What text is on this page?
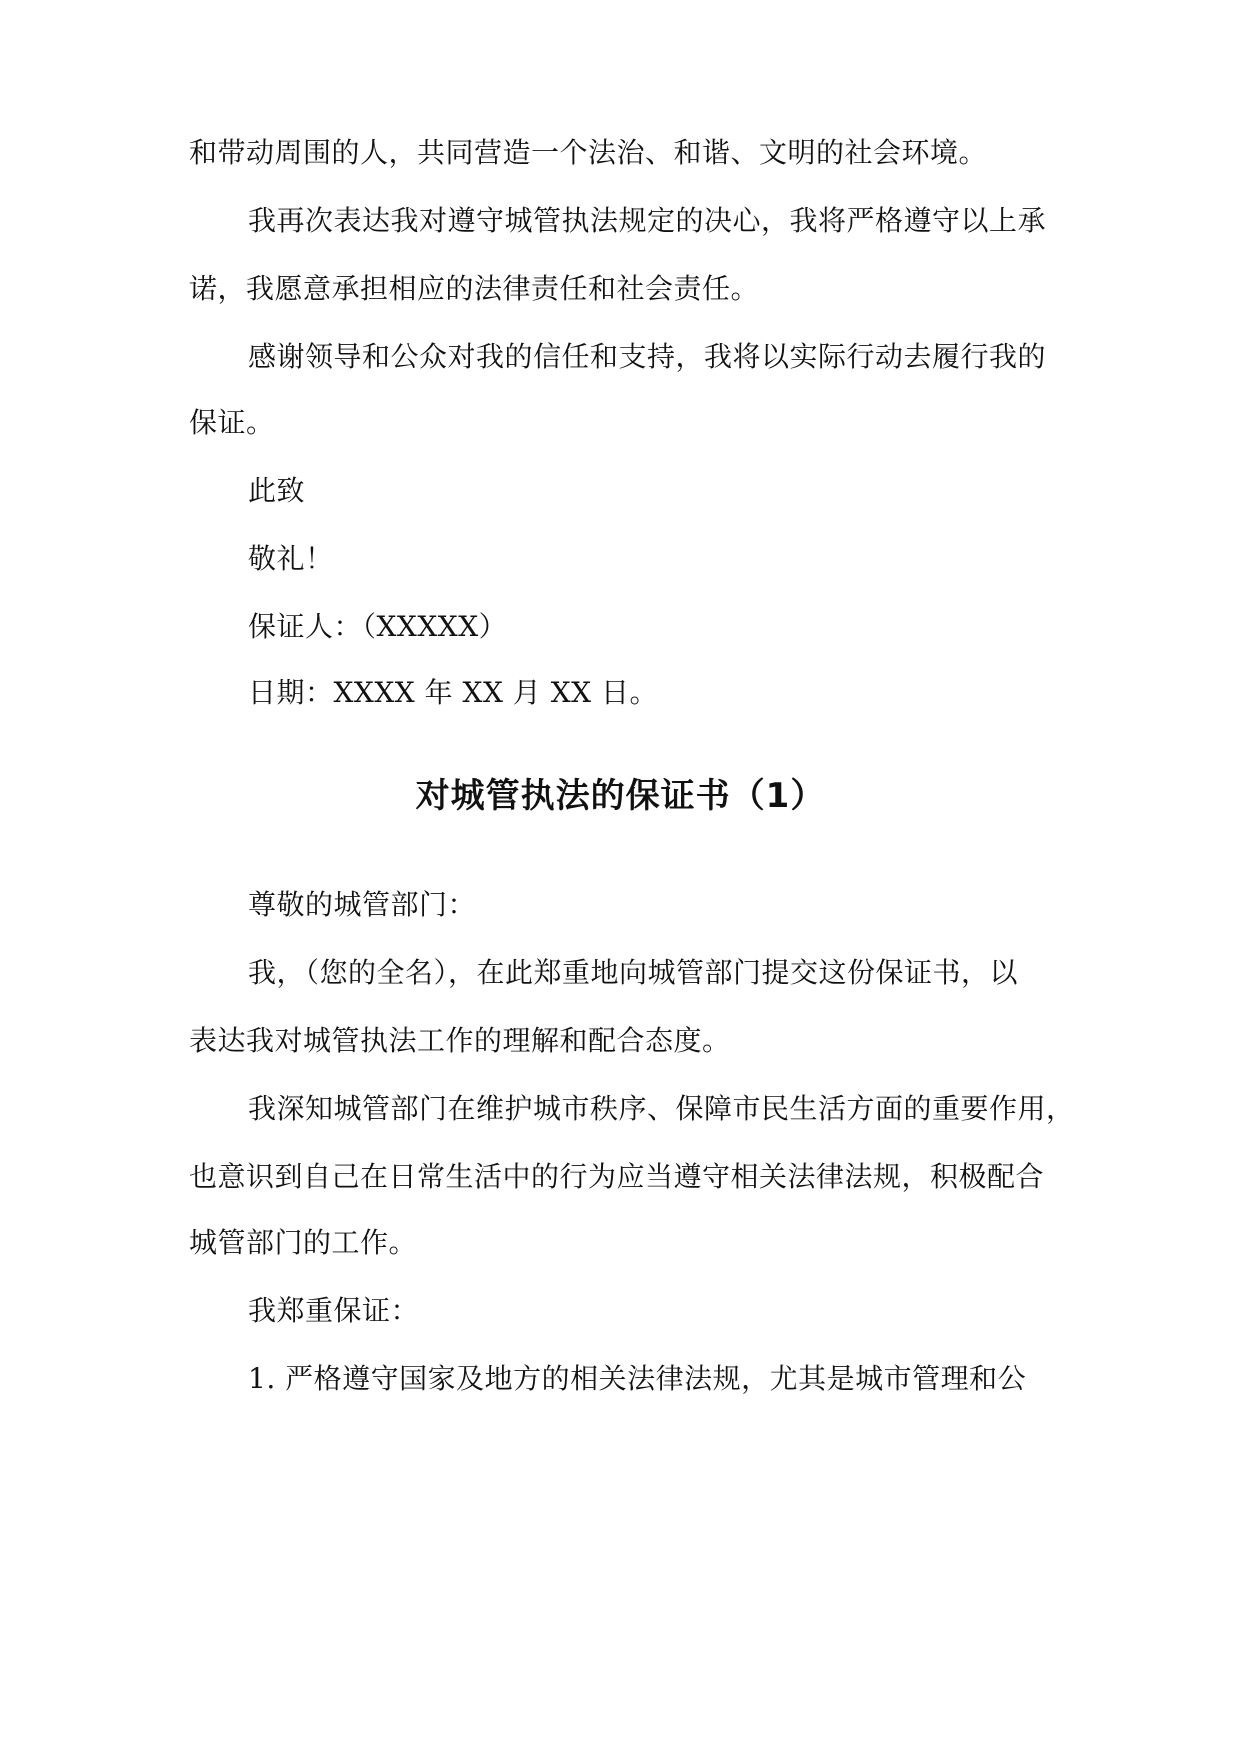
和带动周围的人，共同营造一个法治、和谐、文明的社会环境。
我再次表达我对遵守城管执法规定的决心，我将严格遵守以上承
诺，我愿意承担相应的法律责任和社会责任。
感谢领导和公众对我的信任和支持，我将以实际行动去履行我的
保证。
此致
敬礼！
保证人：（XXXXX）
日期：XXXX 年 XX 月 XX 日。
对城管执法的保证书（1）
尊敬的城管部门：
我，（您的全名），在此郑重地向城管部门提交这份保证书，以
表达我对城管执法工作的理解和配合态度。
我深知城管部门在维护城市秩序、保障市民生活方面的重要作用，
也意识到自己在日常生活中的行为应当遵守相关法律法规，积极配合
城管部门的工作。
我郑重保证：
1. 严格遵守国家及地方的相关法律法规，尤其是城市管理和公
